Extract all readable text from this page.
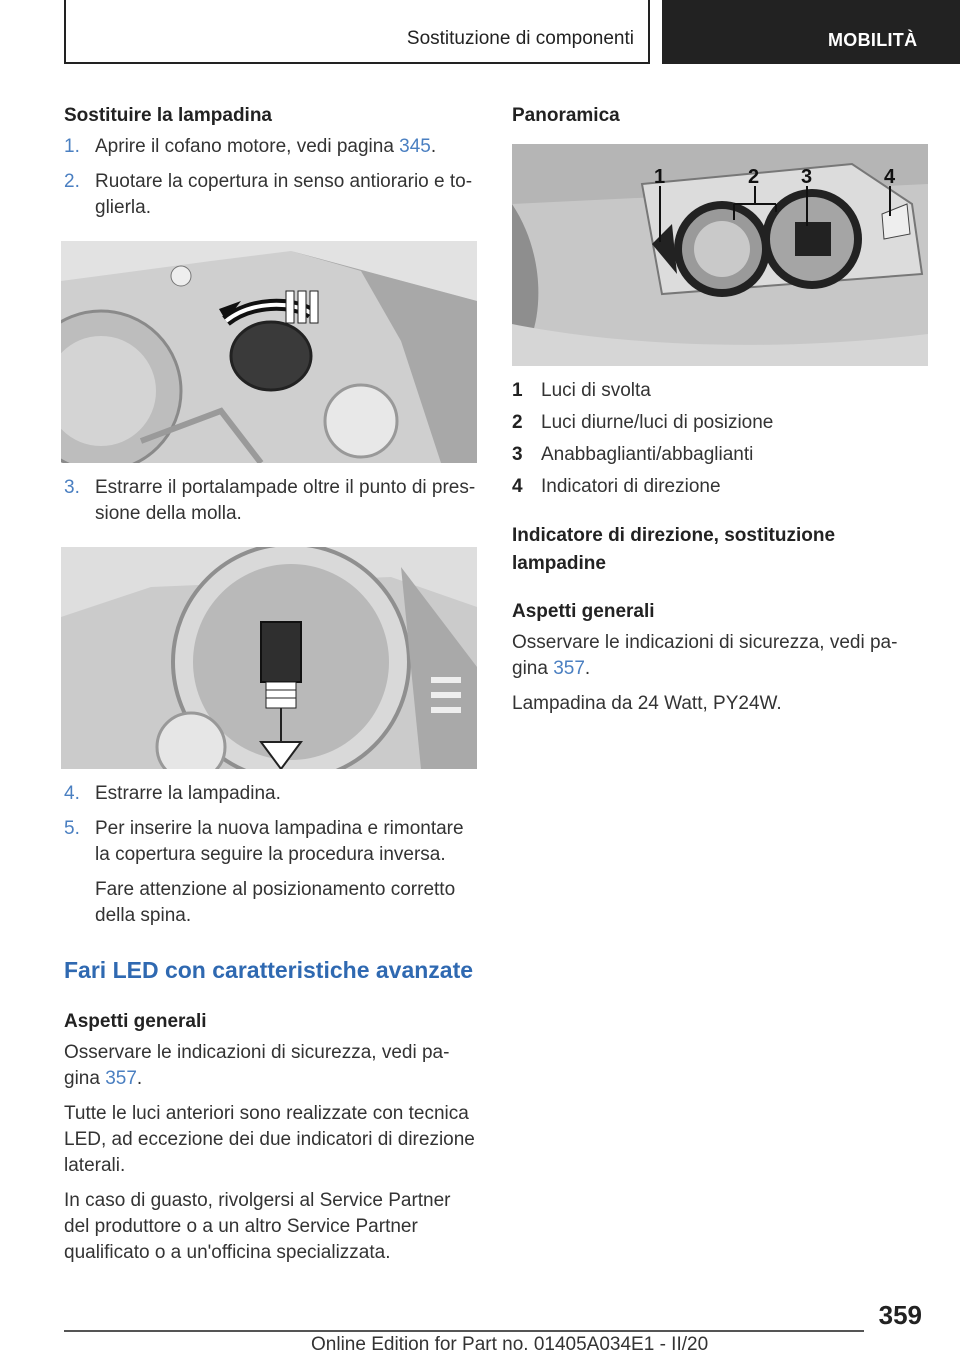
Sostituzione di componenti	MOBILITÀ
Sostituire la lampadina
1. Aprire il cofano motore, vedi pagina 345.
2. Ruotare la copertura in senso antiorario e to-glierla.
3. Estrarre il portalampade oltre il punto di pres-sione della molla.
4. Estrarre la lampadina.
5. Per inserire la nuova lampadina e rimontare la copertura seguire la procedura inversa.
Fare attenzione al posizionamento corretto della spina.
Fari LED con caratteristiche avanzate
Aspetti generali
Osservare le indicazioni di sicurezza, vedi pa-gina 357.
Tutte le luci anteriori sono realizzate con tecnica LED, ad eccezione dei due indicatori di direzione laterali.
In caso di guasto, rivolgersi al Service Partner del produttore o a un altro Service Partner qualificato o a un'officina specializzata.
Panoramica
1	2 3	4
1 Luci di svolta
2 Luci diurne/luci di posizione
3 Anabbaglianti/abbaglianti
4 Indicatori di direzione
Indicatore di direzione, sostituzione lampadine
Aspetti generali
Osservare le indicazioni di sicurezza, vedi pa-gina 357.
Lampadina da 24 Watt, PY24W.
359
Online Edition for Part no. 01405A034E1 - II/20
